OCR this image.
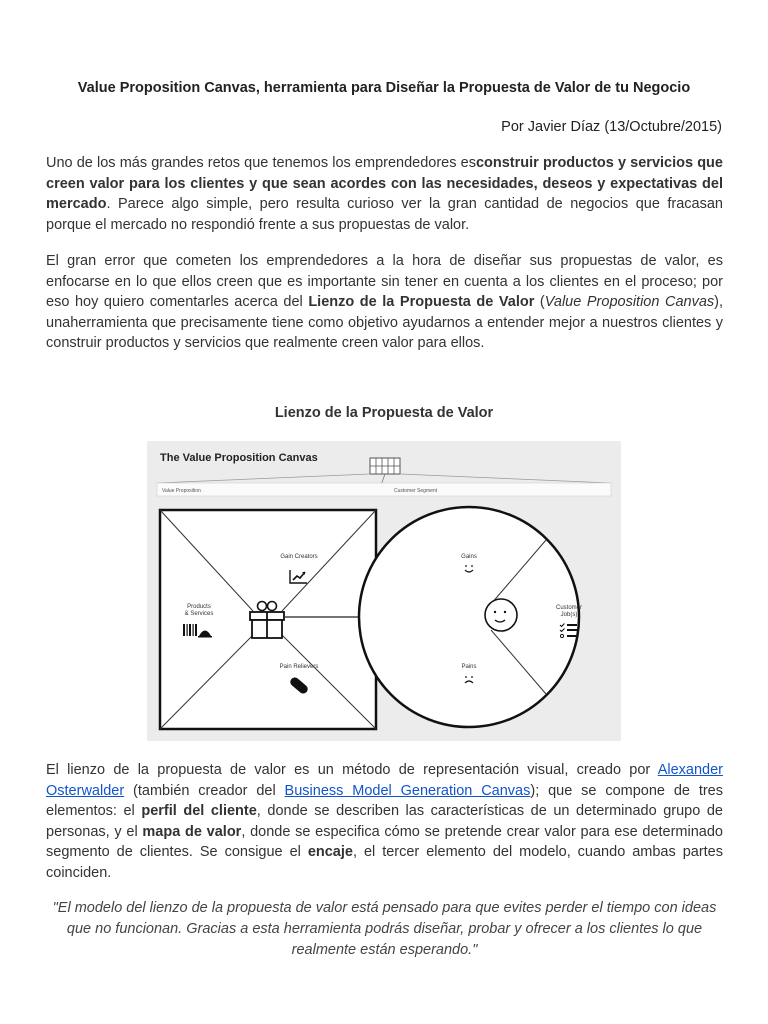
Value Proposition Canvas, herramienta para Diseñar la Propuesta de Valor de tu Negocio
Por Javier Díaz (13/Octubre/2015)

Uno de los más grandes retos que tenemos los emprendedores esconstruir productos y servicios que creen valor para los clientes y que sean acordes con las necesidades, deseos y expectativas del mercado. Parece algo simple, pero resulta curioso ver la gran cantidad de negocios que fracasan porque el mercado no respondió frente a sus propuestas de valor.

El gran error que cometen los emprendedores a la hora de diseñar sus propuestas de valor, es enfocarse en lo que ellos creen que es importante sin tener en cuenta a los clientes en el proceso; por eso hoy quiero comentarles acerca del Lienzo de la Propuesta de Valor (Value Proposition Canvas), unaherramienta que precisamente tiene como objetivo ayudarnos a entender mejor a nuestros clientes y construir productos y servicios que realmente creen valor para ellos.

Lienzo de la Propuesta de Valor
The Value Proposition Canvas
Value Proposition	Customer Segment
Gain Creators
Products
& Services
Pain Relievers
Gains
Customer
Job(s)
Pains

El lienzo de la propuesta de valor es un método de representación visual, creado por Alexander Osterwalder (también creador del Business Model Generation Canvas); que se compone de tres elementos: el perfil del cliente, donde se describen las características de un determinado grupo de personas, y el mapa de valor, donde se especifica cómo se pretende crear valor para ese determinado segmento de clientes. Se consigue el encaje, el tercer elemento del modelo, cuando ambas partes coinciden.

"El modelo del lienzo de la propuesta de valor está pensado para que evites perder el tiempo con ideas que no funcionan. Gracias a esta herramienta podrás diseñar, probar y ofrecer a los clientes lo que realmente están esperando."
